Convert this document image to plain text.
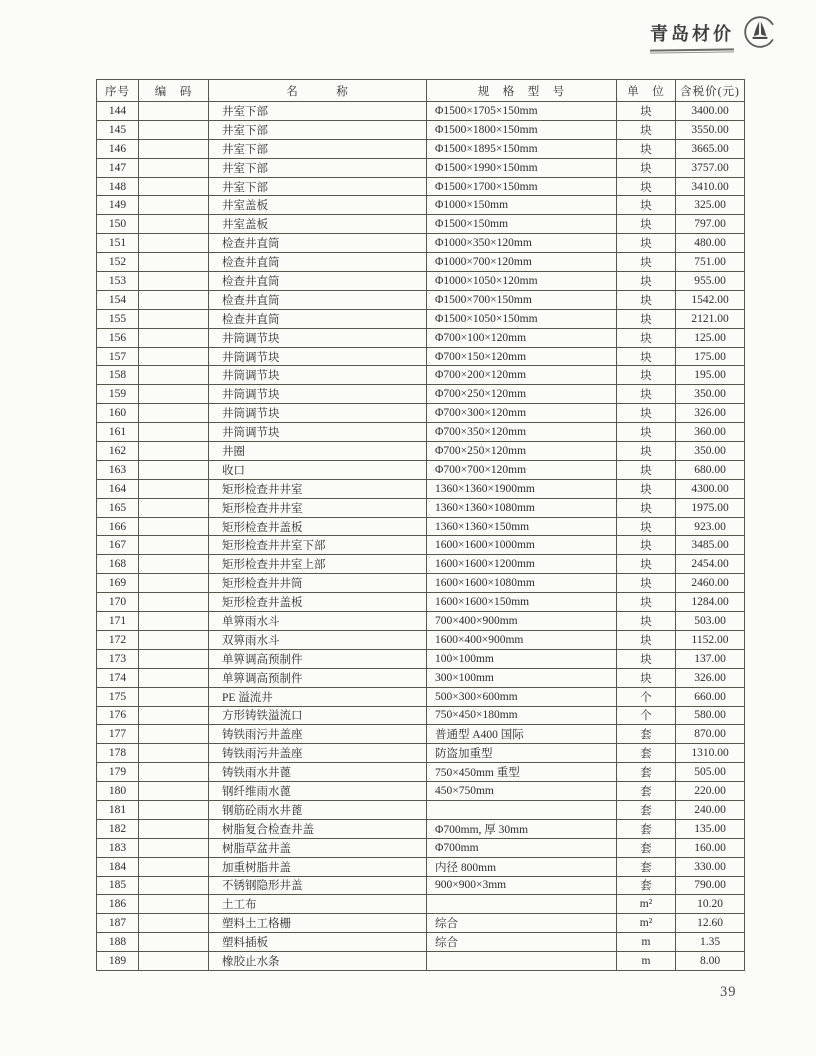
青岛材价
序号	编　码	名　　　称	规　格　型　号	单　位	含税价(元)
144		井室下部	Φ1500×1705×150mm	块	3400.00
145		井室下部	Φ1500×1800×150mm	块	3550.00
146		井室下部	Φ1500×1895×150mm	块	3665.00
147		井室下部	Φ1500×1990×150mm	块	3757.00
148		井室下部	Φ1500×1700×150mm	块	3410.00
149		井室盖板	Φ1000×150mm	块	325.00
150		井室盖板	Φ1500×150mm	块	797.00
151		检查井直筒	Φ1000×350×120mm	块	480.00
152		检查井直筒	Φ1000×700×120mm	块	751.00
153		检查井直筒	Φ1000×1050×120mm	块	955.00
154		检查井直筒	Φ1500×700×150mm	块	1542.00
155		检查井直筒	Φ1500×1050×150mm	块	2121.00
156		井筒调节块	Φ700×100×120mm	块	125.00
157		井筒调节块	Φ700×150×120mm	块	175.00
158		井筒调节块	Φ700×200×120mm	块	195.00
159		井筒调节块	Φ700×250×120mm	块	350.00
160		井筒调节块	Φ700×300×120mm	块	326.00
161		井筒调节块	Φ700×350×120mm	块	360.00
162		井圈	Φ700×250×120mm	块	350.00
163		收口	Φ700×700×120mm	块	680.00
164		矩形检查井井室	1360×1360×1900mm	块	4300.00
165		矩形检查井井室	1360×1360×1080mm	块	1975.00
166		矩形检查井盖板	1360×1360×150mm	块	923.00
167		矩形检查井井室下部	1600×1600×1000mm	块	3485.00
168		矩形检查井井室上部	1600×1600×1200mm	块	2454.00
169		矩形检查井井筒	1600×1600×1080mm	块	2460.00
170		矩形检查井盖板	1600×1600×150mm	块	1284.00
171		单箅雨水斗	700×400×900mm	块	503.00
172		双箅雨水斗	1600×400×900mm	块	1152.00
173		单箅调高预制件	100×100mm	块	137.00
174		单箅调高预制件	300×100mm	块	326.00
175		PE 溢流井	500×300×600mm	个	660.00
176		方形铸铁溢流口	750×450×180mm	个	580.00
177		铸铁雨污井盖座	普通型 A400 国际	套	870.00
178		铸铁雨污井盖座	防盗加重型	套	1310.00
179		铸铁雨水井蓖	750×450mm 重型	套	505.00
180		钢纤维雨水蓖	450×750mm	套	220.00
181		钢筋砼雨水井蓖		套	240.00
182		树脂复合检查井盖	Φ700mm, 厚 30mm	套	135.00
183		树脂草盆井盖	Φ700mm	套	160.00
184		加重树脂井盖	内径 800mm	套	330.00
185		不锈钢隐形井盖	900×900×3mm	套	790.00
186		土工布		m²	10.20
187		塑料土工格栅	综合	m²	12.60
188		塑料插板	综合	m	1.35
189		橡胶止水条		m	8.00
39
